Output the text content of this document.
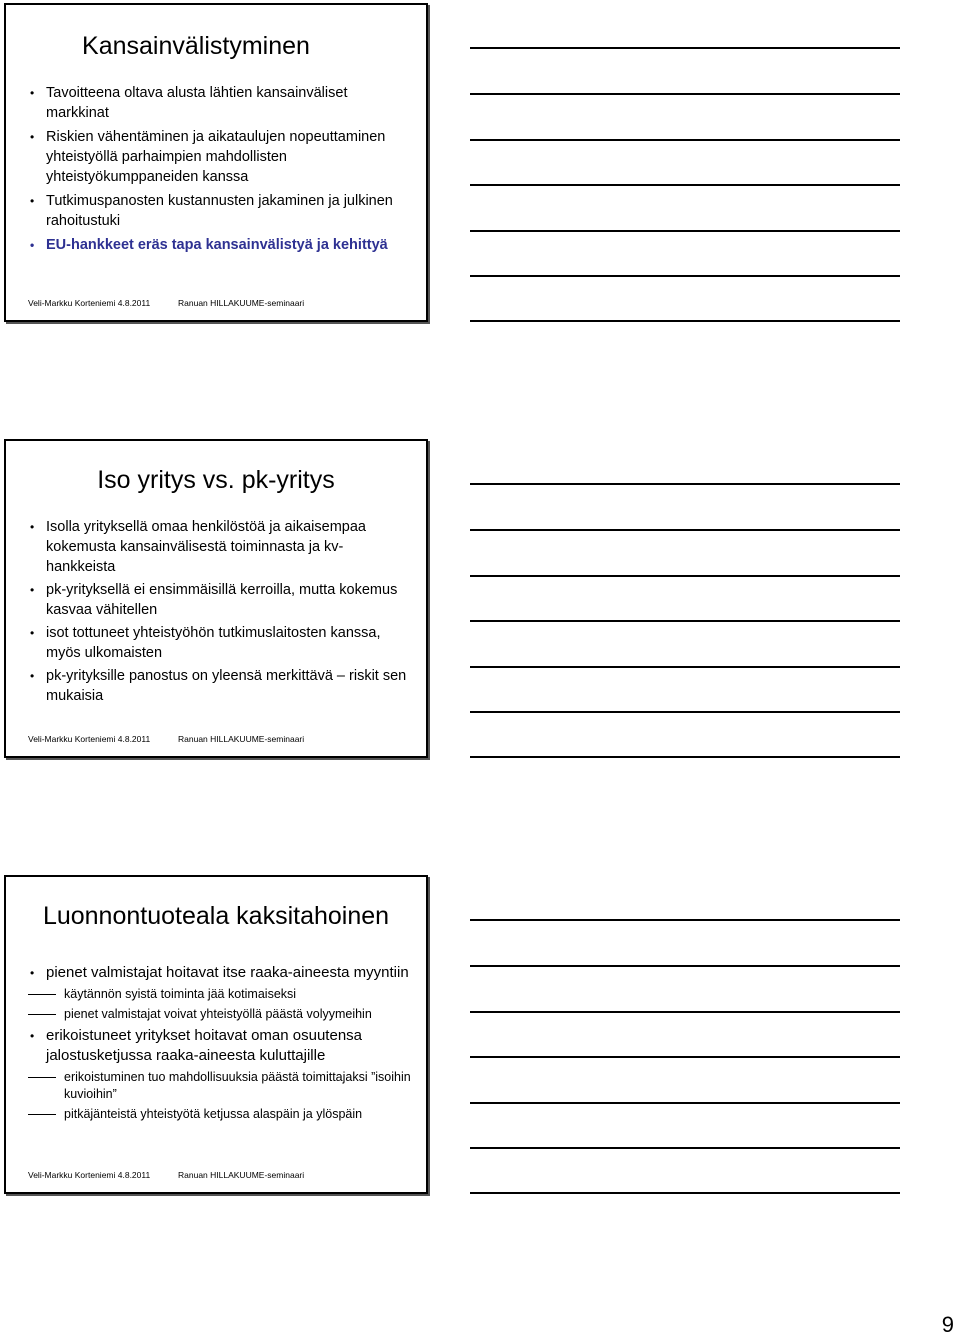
Kansainvälistyminen
• Tavoitteena oltava alusta lähtien kansainväliset markkinat
• Riskien vähentäminen ja aikataulujen nopeuttaminen yhteistyöllä parhaimpien mahdollisten yhteistyökumppaneiden kanssa
• Tutkimuspanosten kustannusten jakaminen ja julkinen rahoitustuki
• EU-hankkeet eräs tapa kansainvälistyä ja kehittyä
Veli-Markku Korteniemi 4.8.2011	Ranuan HILLAKUUME-seminaari
Iso yritys vs. pk-yritys
• Isolla yrityksellä omaa henkilöstöä ja aikaisempaa kokemusta kansainvälisestä toiminnasta ja kv-hankkeista
• pk-yrityksellä ei ensimmäisillä kerroilla, mutta kokemus kasvaa vähitellen
• isot tottuneet yhteistyöhön tutkimuslaitosten kanssa, myös ulkomaisten
• pk-yrityksille panostus on yleensä merkittävä – riskit sen mukaisia
Veli-Markku Korteniemi 4.8.2011	Ranuan HILLAKUUME-seminaari
Luonnontuoteala kaksitahoinen
• pienet valmistajat hoitavat itse raaka-aineesta myyntiin
käytännön syistä toiminta jää kotimaiseksi
pienet valmistajat voivat yhteistyöllä päästä volyymeihin
• erikoistuneet yritykset hoitavat oman osuutensa jalostusketjussa raaka-aineesta kuluttajille
erikoistuminen tuo mahdollisuuksia päästä toimittajaksi ”isoihin kuvioihin”
pitkäjänteistä yhteistyötä ketjussa alaspäin ja ylöspäin
Veli-Markku Korteniemi 4.8.2011	Ranuan HILLAKUUME-seminaari
9
